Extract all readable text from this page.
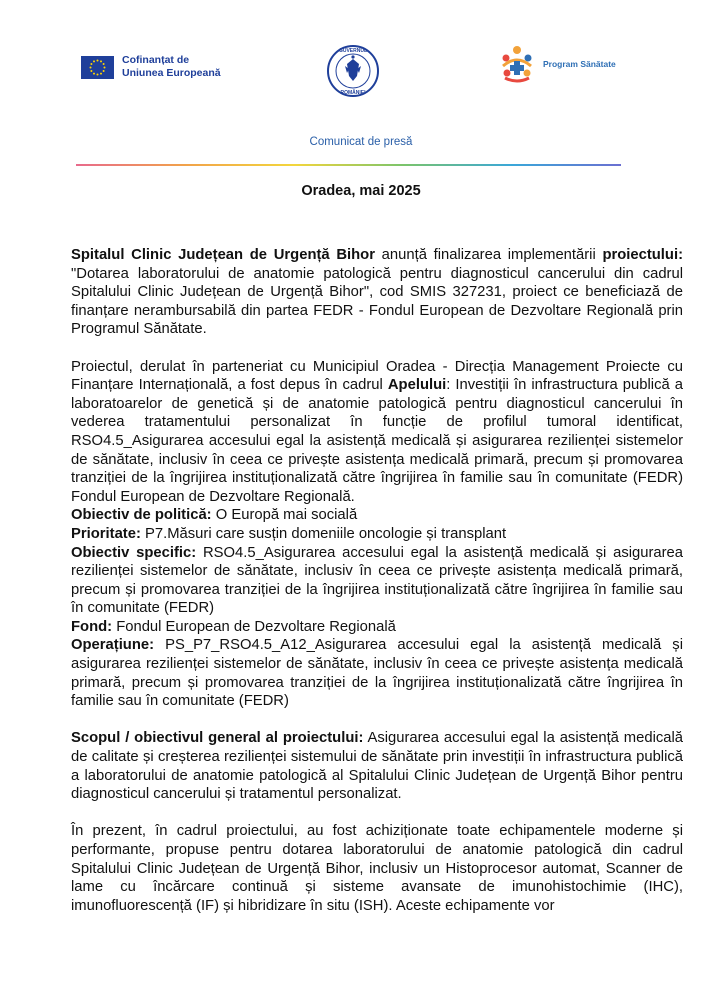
Cofinanțat de
Uniunea Europeană
GUVERNUL
ROMÂNIEI
Program Sănătate
Comunicat de presă
Oradea, mai 2025

Spitalul Clinic Județean de Urgență Bihor anunță finalizarea implementării proiectului: "Dotarea laboratorului de anatomie patologică pentru diagnosticul cancerului din cadrul Spitalului Clinic Județean de Urgență Bihor", cod SMIS 327231, proiect ce beneficiază de finanțare nerambursabilă din partea FEDR - Fondul European de Dezvoltare Regională prin Programul Sănătate.

Proiectul, derulat în parteneriat cu Municipiul Oradea - Direcția Management Proiecte cu Finanțare Internațională, a fost depus în cadrul Apelului: Investiții în infrastructura publică a laboratoarelor de genetică și de anatomie patologică pentru diagnosticul cancerului în vederea tratamentului personalizat în funcție de profilul tumoral identificat, RSO4.5_Asigurarea accesului egal la asistență medicală și asigurarea rezilienței sistemelor de sănătate, inclusiv în ceea ce privește asistența medicală primară, precum și promovarea tranziției de la îngrijirea instituționalizată către îngrijirea în familie sau în comunitate (FEDR) Fondul European de Dezvoltare Regională.

Obiectiv de politică: O Europă mai socială

Prioritate: P7.Măsuri care susțin domeniile oncologie și transplant

Obiectiv specific: RSO4.5_Asigurarea accesului egal la asistență medicală și asigurarea rezilienței sistemelor de sănătate, inclusiv în ceea ce privește asistența medicală primară, precum și promovarea tranziției de la îngrijirea instituționalizată către îngrijirea în familie sau în comunitate (FEDR)

Fond: Fondul European de Dezvoltare Regională

Operațiune: PS_P7_RSO4.5_A12_Asigurarea accesului egal la asistență medicală și asigurarea rezilienței sistemelor de sănătate, inclusiv în ceea ce privește asistența medicală primară, precum și promovarea tranziției de la îngrijirea instituționalizată către îngrijirea în familie sau în comunitate (FEDR)

Scopul / obiectivul general al proiectului: Asigurarea accesului egal la asistență medicală de calitate și creșterea rezilienței sistemului de sănătate prin investiții în infrastructura publică a laboratorului de anatomie patologică al Spitalului Clinic Județean de Urgență Bihor pentru diagnosticul cancerului și tratamentul personalizat.

În prezent, în cadrul proiectului, au fost achiziționate toate echipamentele moderne și performante, propuse pentru dotarea laboratorului de anatomie patologică din cadrul Spitalului Clinic Județean de Urgență Bihor, inclusiv un Histoprocesor automat, Scanner de lame cu încărcare continuă și sisteme avansate de imunohistochimie (IHC), imunofluorescență (IF) și hibridizare în situ (ISH). Aceste echipamente vor
